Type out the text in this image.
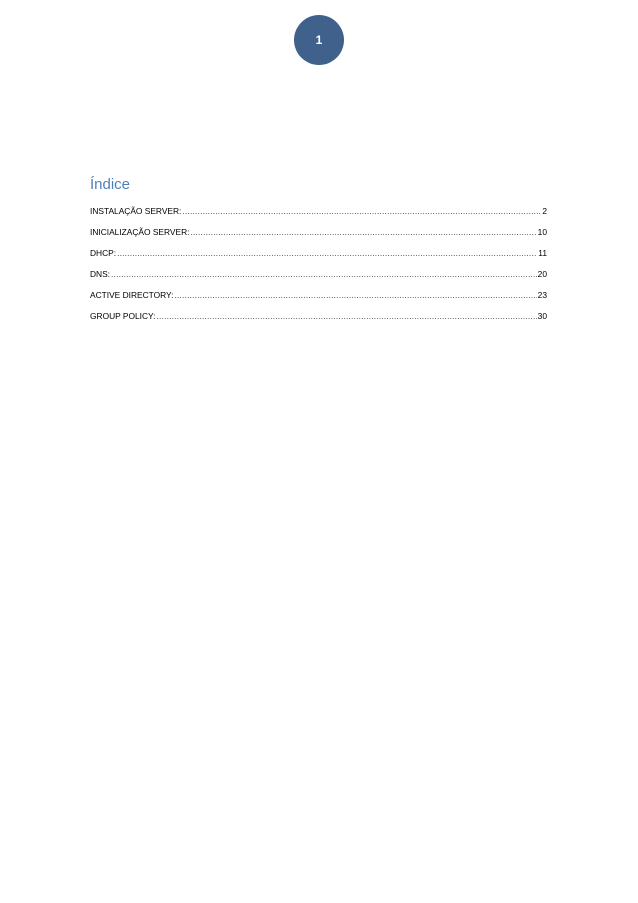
1
Índice
INSTALAÇÃO SERVER: .....	2
INICIALIZAÇÃO SERVER: .....	10
DHCP: .....	11
DNS: .....	20
ACTIVE DIRECTORY: .....	23
GROUP POLICY: .....	30
